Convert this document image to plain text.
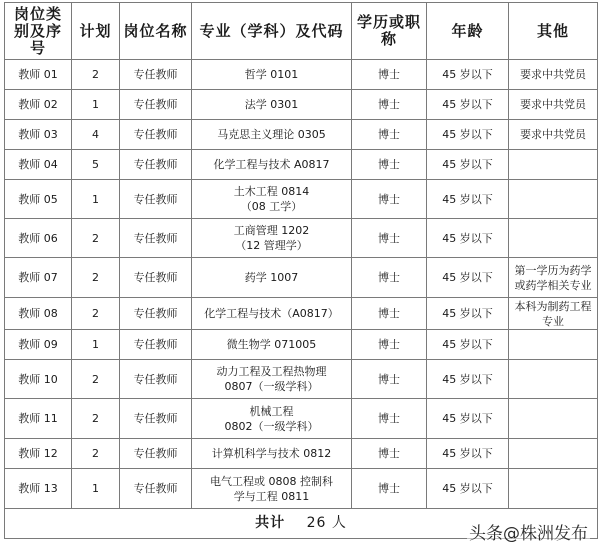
岗位类别及序号	计划	岗位名称	专业（学科）及代码	学历或职称	年龄	其他
教师 01	2	专任教师	哲学 0101	博士	45 岁以下	要求中共党员
教师 02	1	专任教师	法学 0301	博士	45 岁以下	要求中共党员
教师 03	4	专任教师	马克思主义理论 0305	博士	45 岁以下	要求中共党员
教师 04	5	专任教师	化学工程与技术 A0817	博士	45 岁以下	
教师 05	1	专任教师	土木工程 0814
（08 工学）	博士	45 岁以下	
教师 06	2	专任教师	工商管理 1202
（12 管理学）	博士	45 岁以下	
教师 07	2	专任教师	药学 1007	博士	45 岁以下	第一学历为药学或药学相关专业
教师 08	2	专任教师	化学工程与技术（A0817）	博士	45 岁以下	本科为制药工程专业
教师 09	1	专任教师	微生物学 071005	博士	45 岁以下	
教师 10	2	专任教师	动力工程及工程热物理
0807（一级学科）	博士	45 岁以下	
教师 11	2	专任教师	机械工程
0802（一级学科）	博士	45 岁以下	
教师 12	2	专任教师	计算机科学与技术 0812	博士	45 岁以下	
教师 13	1	专任教师	电气工程或 0808 控制科
学与工程 0811	博士	45 岁以下	
共计 26 人						
头条@株洲发布
